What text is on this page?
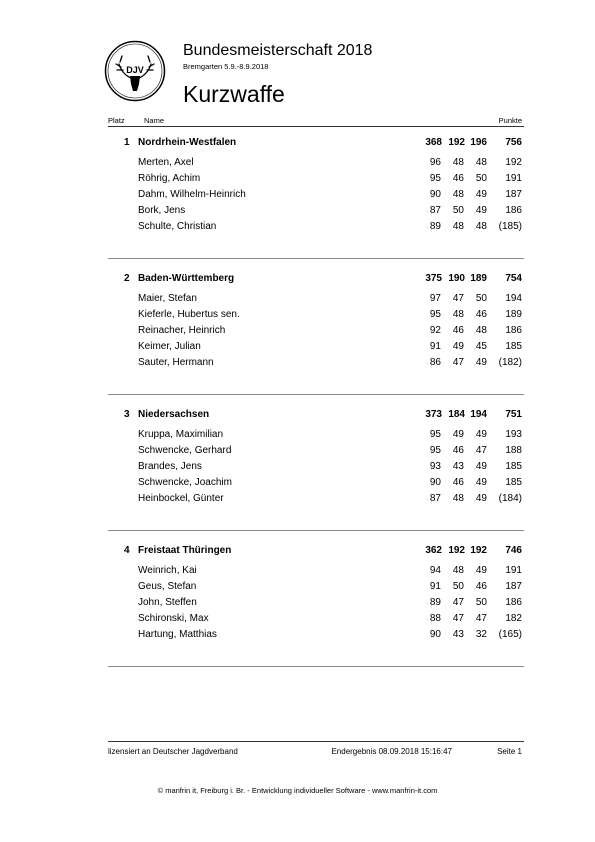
DJV
Bundesmeisterschaft 2018
Bremgarten 5.9.-8.9.2018
Kurzwaffe
Platz	Name	Punkte
1 Nordrhein-Westfalen	368 192 196 756
Merten, Axel	96 48 48 192
Röhrig, Achim	95 46 50 191
Dahm, Wilhelm-Heinrich	90 48 49 187
Bork, Jens	87 50 49 186
Schulte, Christian	89 48 48 (185)
2 Baden-Württemberg	375 190 189 754
Maier, Stefan	97 47 50 194
Kieferle, Hubertus sen.	95 48 46 189
Reinacher, Heinrich	92 46 48 186
Keimer, Julian	91 49 45 185
Sauter, Hermann	86 47 49 (182)
3 Niedersachsen	373 184 194 751
Kruppa, Maximilian	95 49 49 193
Schwencke, Gerhard	95 46 47 188
Brandes, Jens	93 43 49 185
Schwencke, Joachim	90 46 49 185
Heinbockel, Günter	87 48 49 (184)
4 Freistaat Thüringen	362 192 192 746
Weinrich, Kai	94 48 49 191
Geus, Stefan	91 50 46 187
John, Steffen	89 47 50 186
Schironski, Max	88 47 47 182
Hartung, Matthias	90 43 32 (165)
lizensiert an Deutscher Jagdverband	Endergebnis 08.09.2018 15:16:47	Seite 1
© manfrin it, Freiburg i. Br. - Entwicklung individueller Software - www.manfrin-it.com
